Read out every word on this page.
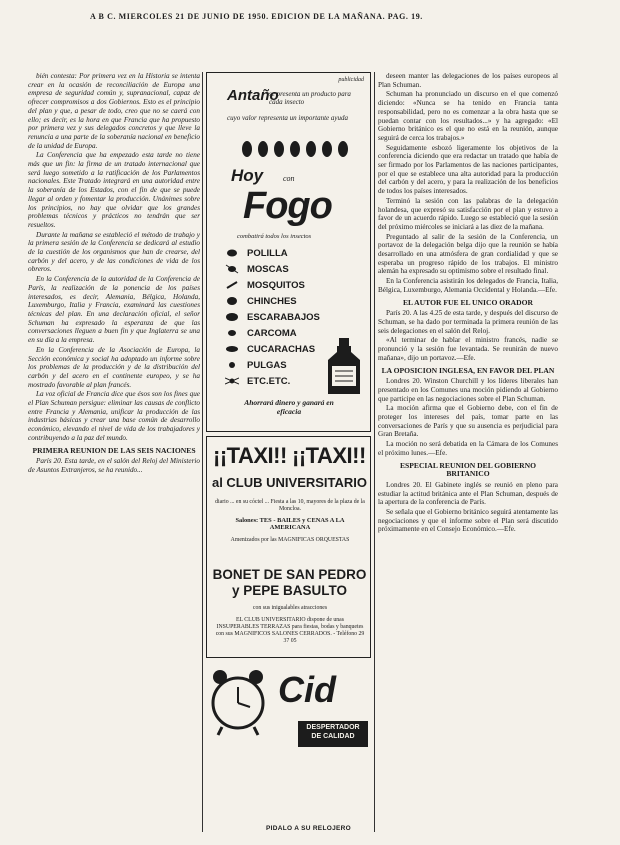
A B C. MIERCOLES 21 DE JUNIO DE 1950. EDICION DE LA MAÑANA. PAG. 19.

bién contesta: Por primera vez en la Historia se intenta crear en la ocasión de reconciliación de Europa una empresa de seguridad común y, supranacional, capaz de ofrecer compromisos a dos Gobiernos. Esto es el principio del plan y que, a pesar de todo, creo que no se caerá con ello; es decir, es la hora en que Francia que ha propuesto por primera vez y sus delegados concretos y que lleve la renuncia a una parte de la soberanía nacional en beneficio de la unidad de Europa.

La Conferencia que ha empezado esta tarde no tiene más que un fin: la firma de un tratado internacional que será luego sometido a la ratificación de los Parlamentos nacionales. Este Tratado integrará en una autoridad entre la soberanía de los Estados, con el fin de que se puede llegar al orden y fomentar la producción. Unánimes sobre los principios, no hay que olvidar que los grandes problemas técnicos y prácticos no tendrán que ser resueltos.

Durante la mañana se estableció el método de trabajo y la primera sesión de la Conferencia se dedicará al estudio de la cuestión de los organismos que han de crearse, del carbón y del acero, y de las condiciones de vida de los obreros.

En la Conferencia de la autoridad de la Conferencia de París, la realización de la ponencia de los países interesados, es decir, Alemania, Bélgica, Holanda, Luxemburgo, Italia y Francia, examinará las cuestiones técnicas del plan. En una declaración oficial, el señor Schuman ha expresado la esperanza de que las conversaciones lleguen a buen fin y que Inglaterra se una en su día a la empresa.

En la Conferencia de la Asociación de Europa, la Sección económica y social ha adoptado un informe sobre los problemas de la producción y de la distribución del carbón y del acero en el continente europeo, y se ha mostrado favorable al plan francés.

La voz oficial de Francia dice que ésos son los fines que el Plan Schuman persigue: eliminar las causas de conflicto entre Francia y Alemania, unificar la producción de las industrias básicas y crear una base común de desarrollo económico, elevando el nivel de vida de los trabajadores y contribuyendo a la paz del mundo.

PRIMERA REUNION DE LAS SEIS NACIONES

París 20. Esta tarde, en el salón del Reloj del Ministerio de Asuntos Extranjeros, se ha reunido...

publicidad
Antaño
se presenta un producto para cada insecto
cuyo valor representa un importante ayuda
Hoy con
Fogo
combatirá todos los insectos
POLILLA
MOSCAS
MOSQUITOS
CHINCHES
ESCARABAJOS
CARCOMA
CUCARACHAS
PULGAS
ETC.ETC.
Ahorrará dinero y ganará en eficacia
¡¡TAXI!! ¡¡TAXI!!
al CLUB UNIVERSITARIO
diario ... en su cóctel ... Fiesta a las 10, mayores de la plaza de la Moncloa.
Salones: TES - BAILES y CENAS A LA AMERICANA
Amenizados por las MAGNIFICAS ORQUESTAS
BONET DE SAN PEDRO
y PEPE BASULTO
con sus inigualables atracciones
EL CLUB UNIVERSITARIO dispone de unas INSUPERABLES TERRAZAS para fiestas, bodas y banquetes con sus MAGNIFICOS SALONES CERRADOS. - Teléfono 29 37 05
Cid
DESPERTADOR
DE CALIDAD
PIDALO A SU RELOJERO

deseen manter las delegaciones de los países europeos al Plan Schuman.

Schuman ha pronunciado un discurso en el que comenzó diciendo: «Nunca se ha tenido en Francia tanta responsabilidad, pero no es comenzar a la obra hasta que se puedan contar con los resultados...» y ha agregado: «El Gobierno británico es el que no está en la reunión, aunque seguirá de cerca los trabajos.»

Seguidamente esbozó ligeramente los objetivos de la conferencia diciendo que era redactar un tratado que había de ser firmado por los Parlamentos de las naciones participantes, por el que se establece una alta autoridad para la producción del carbón y del acero, y para la realización de los beneficios de todos los países interesados.

Terminó la sesión con las palabras de la delegación holandesa, que expresó su satisfacción por el plan y estuvo a favor de un acuerdo rápido. Luego se estableció que la sesión del próximo miércoles se iniciará a las diez de la mañana.

Preguntado al salir de la sesión de la Conferencia, un portavoz de la delegación belga dijo que la reunión se había desarrollado en una atmósfera de gran cordialidad y que se esperaba un progreso rápido de los trabajos. El ministro alemán ha expresado su optimismo sobre el resultado final.

En la Conferencia asistirán los delegados de Francia, Italia, Bélgica, Luxemburgo, Alemania Occidental y Holanda.—Efe.

EL AUTOR FUE EL UNICO ORADOR

París 20. A las 4.25 de esta tarde, y después del discurso de Schuman, se ha dado por terminada la primera reunión de las seis delegaciones en el salón del Reloj.

«Al terminar de hablar el ministro francés, nadie se pronunció y la sesión fue levantada. Se reunirán de nuevo mañana», dijo un portavoz.—Efe.

LA OPOSICION INGLESA, EN FAVOR DEL PLAN

Londres 20. Winston Churchill y los líderes liberales han presentado en los Comunes una moción pidiendo al Gobierno que participe en las negociaciones sobre el Plan Schuman.

La moción afirma que el Gobierno debe, con el fin de proteger los intereses del país, tomar parte en las conversaciones de París y que su ausencia es perjudicial para Gran Bretaña.

La moción no será debatida en la Cámara de los Comunes el próximo lunes.—Efe.

ESPECIAL REUNION DEL GOBIERNO BRITANICO

Londres 20. El Gabinete inglés se reunió en pleno para estudiar la actitud británica ante el Plan Schuman, después de la apertura de la conferencia de París.

Se señala que el Gobierno británico seguirá atentamente las negociaciones y que el informe sobre el Plan será discutido próximamente en el Consejo Económico.—Efe.
